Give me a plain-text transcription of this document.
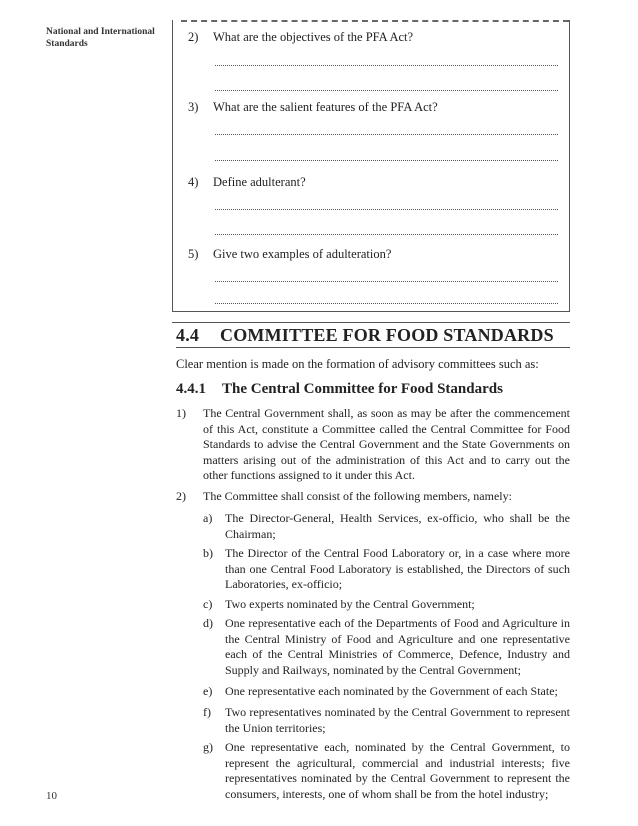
National and International Standards	2) What are the objectives of the PFA Act?
3) What are the salient features of the PFA Act?
4) Define adulterant?
5) Give two examples of adulteration?
4.4 COMMITTEE FOR FOOD STANDARDS
Clear mention is made on the formation of advisory committees such as:
4.4.1 The Central Committee for Food Standards
1) The Central Government shall, as soon as may be after the commencement of this Act, constitute a Committee called the Central Committee for Food Standards to advise the Central Government and the State Governments on matters arising out of the administration of this Act and to carry out the other functions assigned to it under this Act.
2) The Committee shall consist of the following members, namely:
a) The Director-General, Health Services, ex-officio, who shall be the Chairman;
b) The Director of the Central Food Laboratory or, in a case where more than one Central Food Laboratory is established, the Directors of such Laboratories, ex-officio;
c) Two experts nominated by the Central Government;
d) One representative each of the Departments of Food and Agriculture in the Central Ministry of Food and Agriculture and one representative each of the Central Ministries of Commerce, Defence, Industry and Supply and Railways, nominated by the Central Government;
e) One representative each nominated by the Government of each State;
f) Two representatives nominated by the Central Government to represent the Union territories;
g) One representative each, nominated by the Central Government, to represent the agricultural, commercial and industrial interests; five representatives nominated by the Central Government to represent the consumers, interests, one of whom shall be from the hotel industry;
10
